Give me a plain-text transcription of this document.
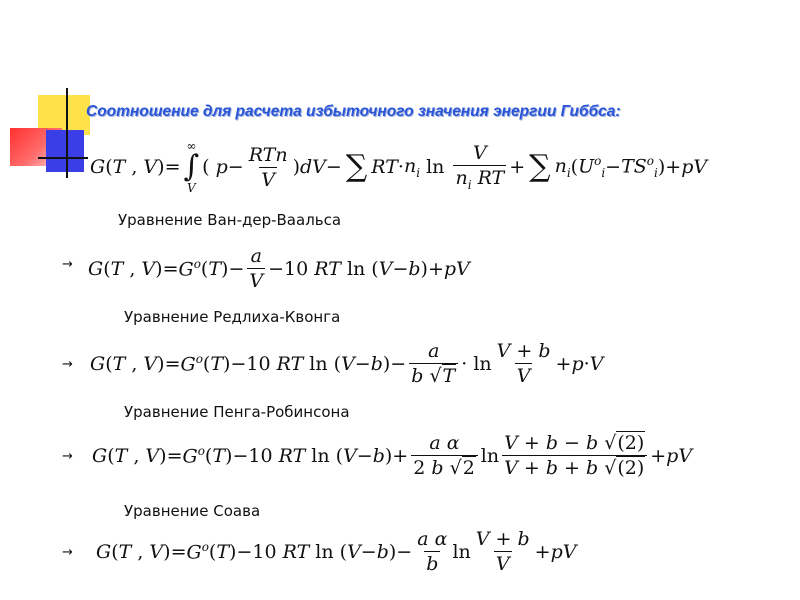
Соотношение для расчета избыточного значения энергии Гиббса:
G ( T , V )=
∞
∫
V
( $p - \frac{\text{RTn}}{V}$ ) dV − ∑ RT · $n_i$ $\ln \frac{V}{n_i RT}$ + ∑ $n_i$ ( $U^o_i - TS^o_i$ )+ pV
Уравнение Ван-дер-Ваальса
→ G ( T , V )= $G^o$ ( T )− $\frac{a}{V} -10$ RT ln ( V − b )+ pV
Уравнение Редлиха-Квонга
→ G ( T , V )= $G^o$ ( T )−10 RT ln ( V − b )− $\frac{a}{b √T} \cdot \ln \frac{V + b}{V} + p \cdot V$
Уравнение Пенга-Робинсона
→ G ( T , V )= $G^o$ ( T )−10 RT ln ( V − b )+ $\frac{\text{a α}}{2 b √2}$ $\ln \frac{V + b - b √(2)}{V + b + b √(2)}$ + pV
Уравнение Соава
→ G ( T , V )= $G^o$ ( T )−10 RT ln ( V − b )− $\frac{\text{a α}}{b}$ $\ln \frac{V + b}{V}$ + pV
